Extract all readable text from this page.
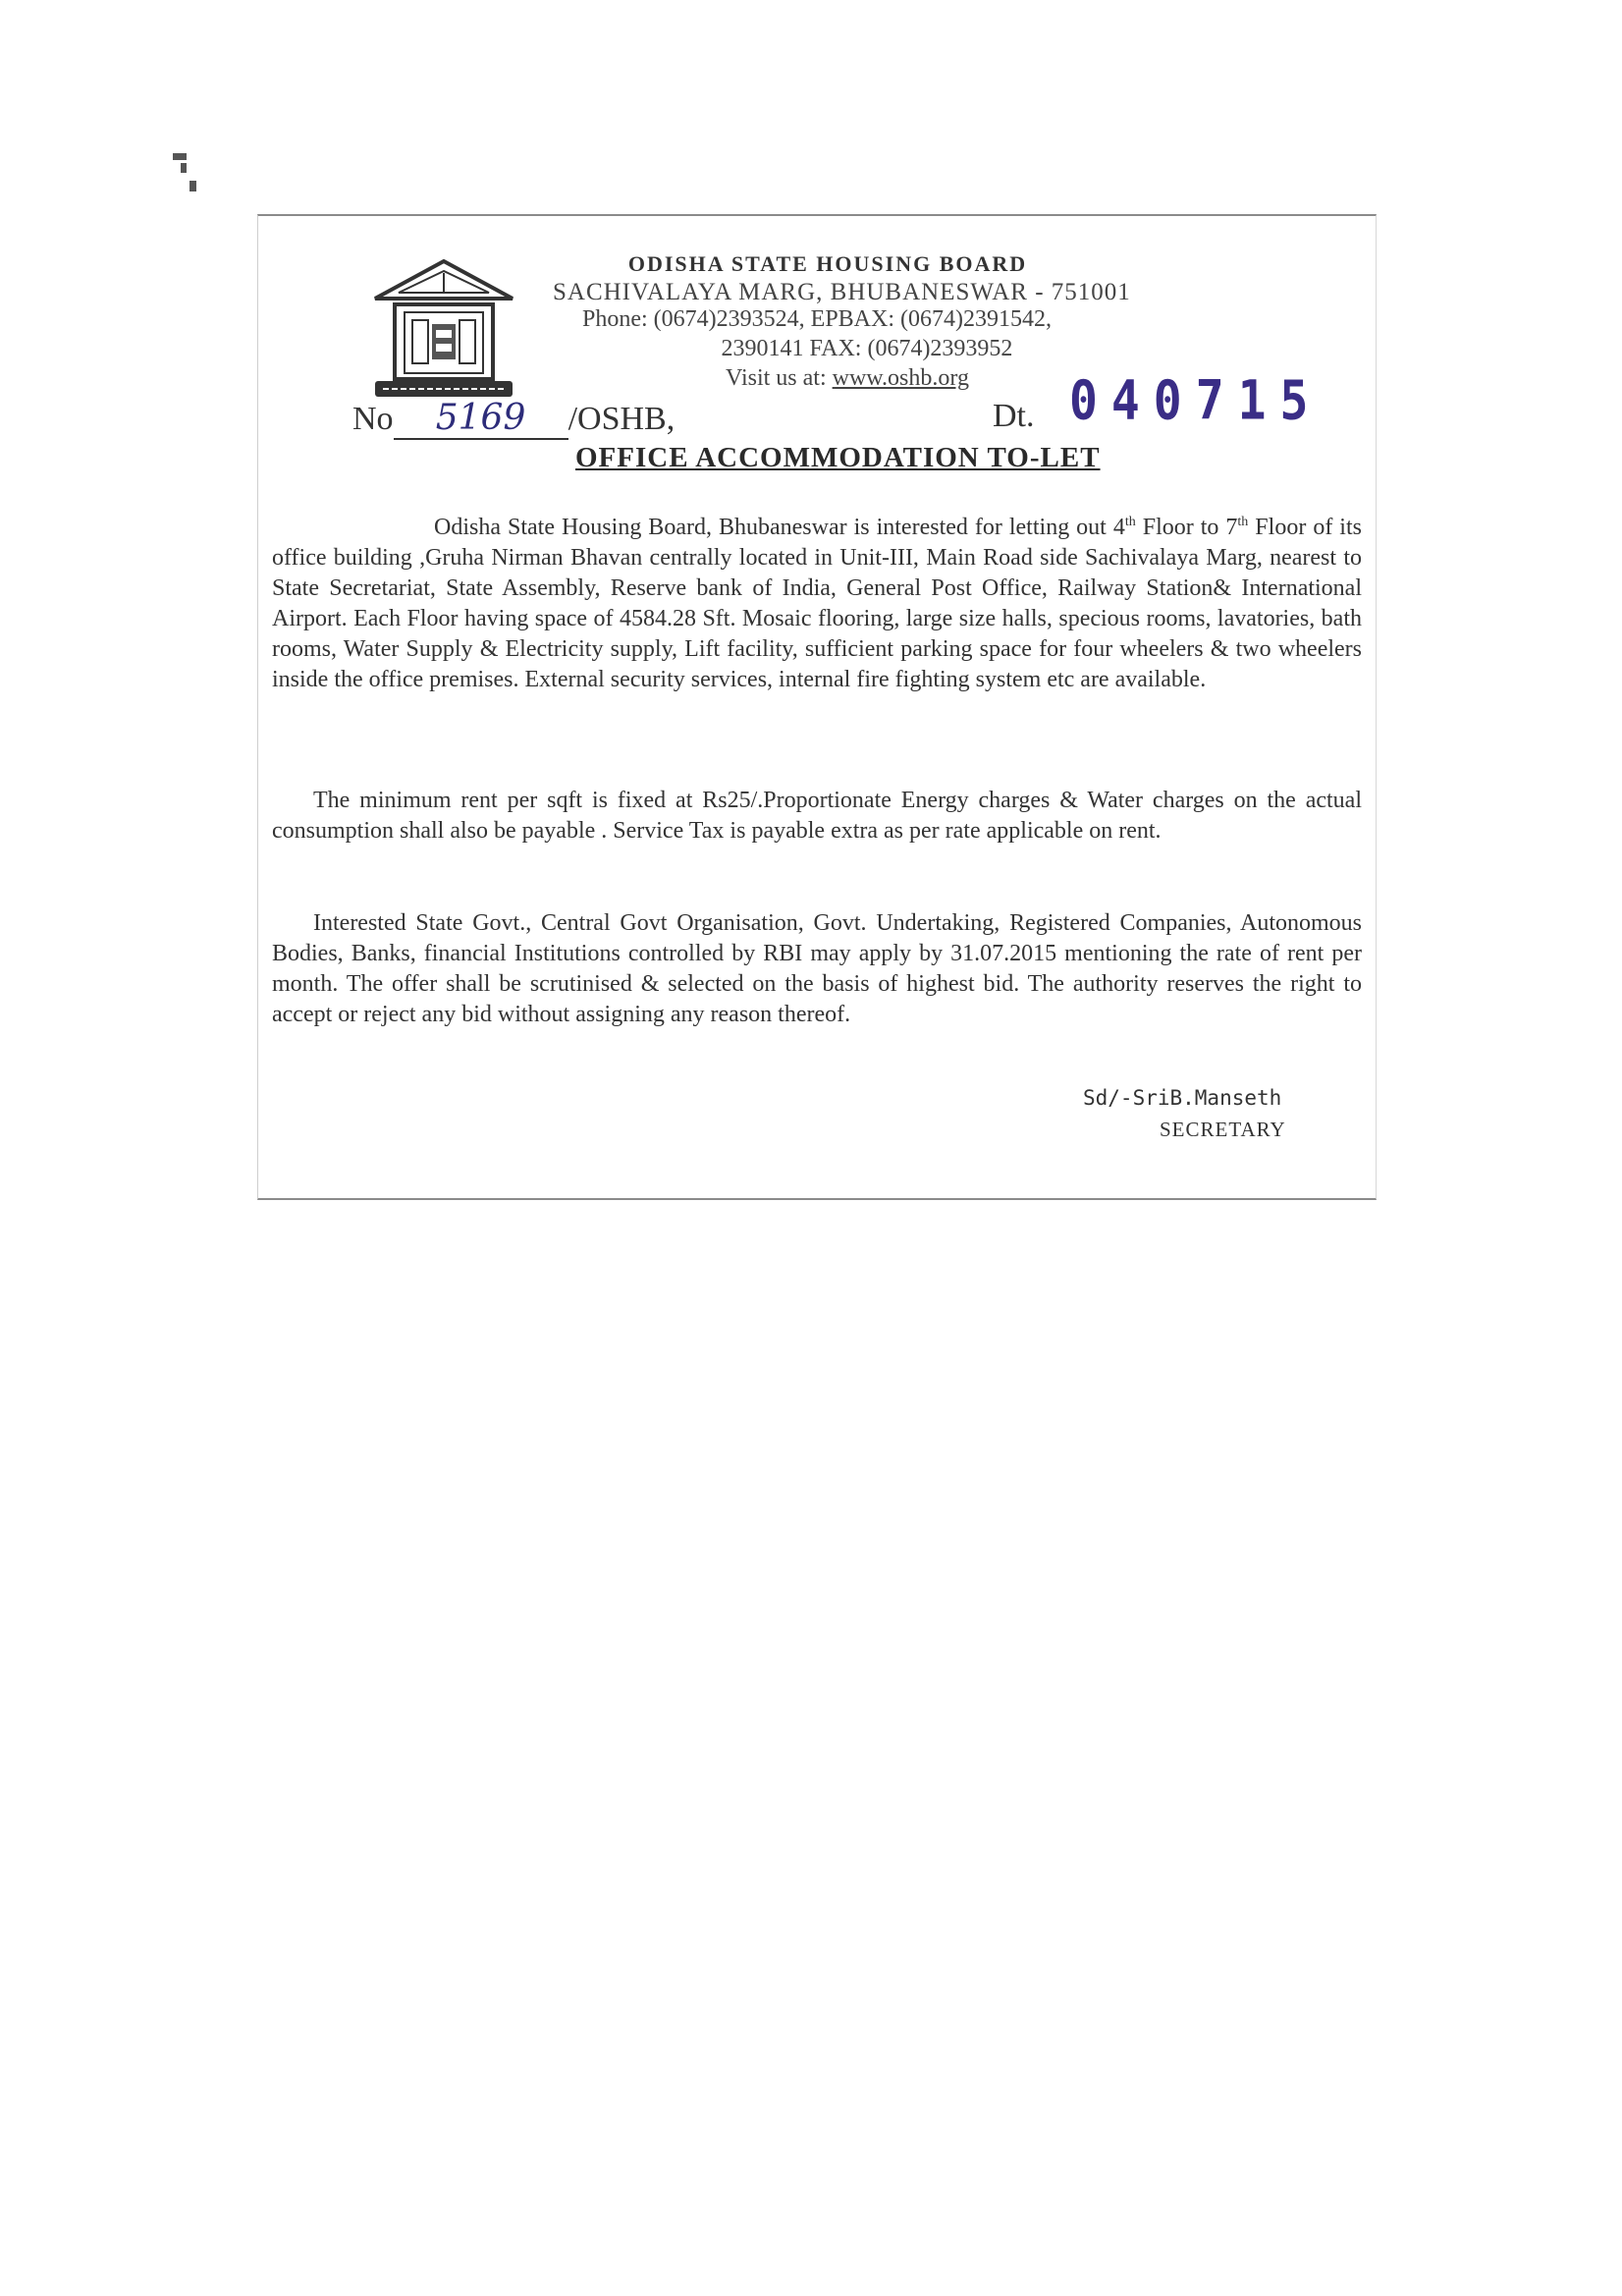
ODISHA STATE HOUSING BOARD
SACHIVALAYA MARG, BHUBANESWAR - 751001
Phone: (0674)2393524, EPBAX: (0674)2391542,
2390141 FAX: (0674)2393952
Visit us at: www.oshb.org
No 5169 /OSHB,	Dt. 040715
OFFICE ACCOMMODATION TO-LET

Odisha State Housing Board, Bhubaneswar is interested for letting out 4th Floor to 7th Floor of its office building ,Gruha Nirman Bhavan centrally located in Unit-III, Main Road side Sachivalaya Marg, nearest to State Secretariat, State Assembly, Reserve bank of India, General Post Office, Railway Station& International Airport. Each Floor having space of 4584.28 Sft. Mosaic flooring, large size halls, specious rooms, lavatories, bath rooms, Water Supply & Electricity supply, Lift facility, sufficient parking space for four wheelers & two wheelers inside the office premises. External security services, internal fire fighting system etc are available.

The minimum rent per sqft is fixed at Rs25/.Proportionate Energy charges & Water charges on the actual consumption shall also be payable . Service Tax is payable extra as per rate applicable on rent.

Interested State Govt., Central Govt Organisation, Govt. Undertaking, Registered Companies, Autonomous Bodies, Banks, financial Institutions controlled by RBI may apply by 31.07.2015 mentioning the rate of rent per month. The offer shall be scrutinised & selected on the basis of highest bid. The authority reserves the right to accept or reject any bid without assigning any reason thereof.

Sd/-SriB.Manseth
SECRETARY
